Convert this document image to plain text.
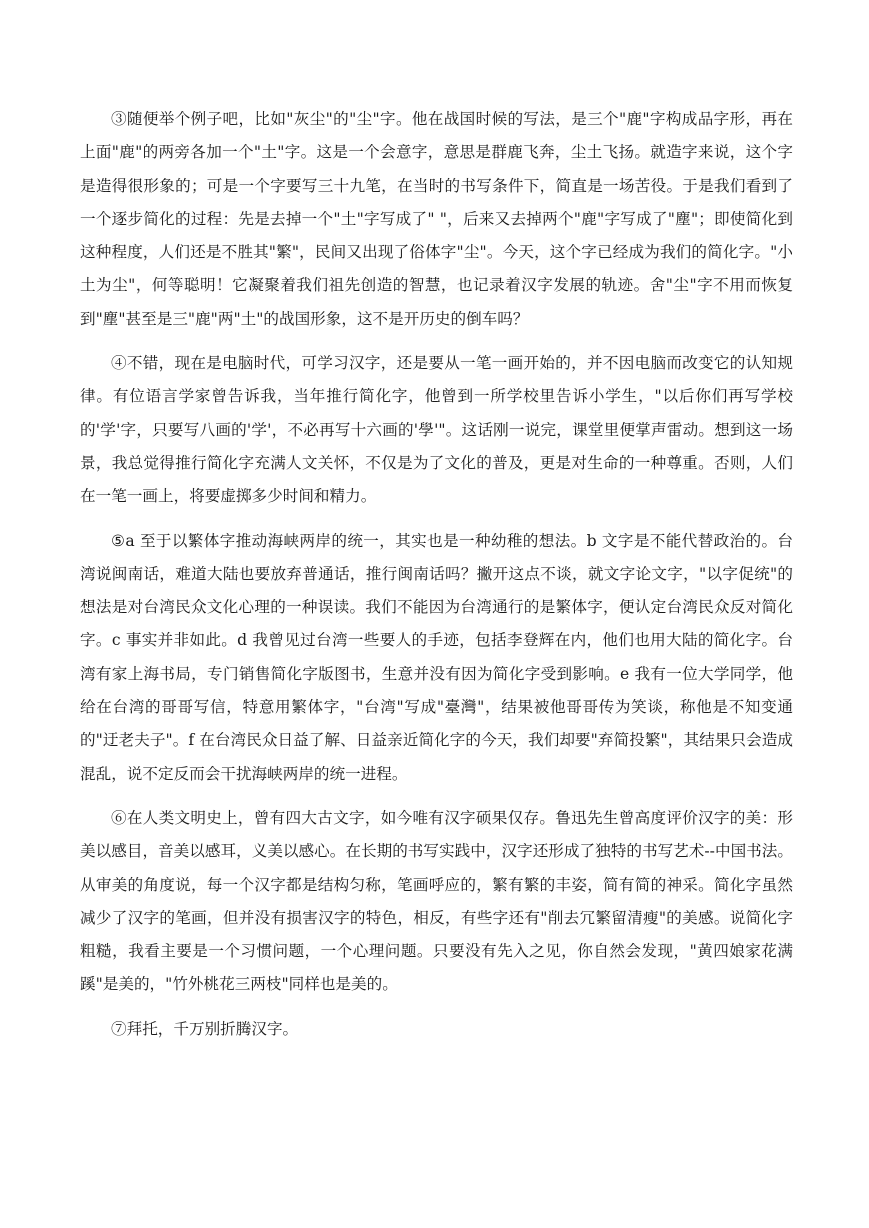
③随便举个例子吧，比如"灰尘"的"尘"字。他在战国时候的写法，是三个"鹿"字构成品字形，再在上面"鹿"的两旁各加一个"土"字。这是一个会意字，意思是群鹿飞奔，尘土飞扬。就造字来说，这个字是造得很形象的；可是一个字要写三十九笔，在当时的书写条件下，简直是一场苦役。于是我们看到了一个逐步简化的过程：先是去掉一个"土"字写成了" "，后来又去掉两个"鹿"字写成了"塵"；即使简化到这种程度，人们还是不胜其"繁"，民间又出现了俗体字"尘"。今天，这个字已经成为我们的简化字。"小土为尘"，何等聪明！它凝聚着我们祖先创造的智慧，也记录着汉字发展的轨迹。舍"尘"字不用而恢复到"塵"甚至是三"鹿"两"土"的战国形象，这不是开历史的倒车吗？

④不错，现在是电脑时代，可学习汉字，还是要从一笔一画开始的，并不因电脑而改变它的认知规律。有位语言学家曾告诉我，当年推行简化字，他曾到一所学校里告诉小学生，"以后你们再写学校的'学'字，只要写八画的'学'，不必再写十六画的'學'"。这话刚一说完，课堂里便掌声雷动。想到这一场景，我总觉得推行简化字充满人文关怀，不仅是为了文化的普及，更是对生命的一种尊重。否则，人们在一笔一画上，将要虚掷多少时间和精力。

⑤a 至于以繁体字推动海峡两岸的统一，其实也是一种幼稚的想法。b 文字是不能代替政治的。台湾说闽南话，难道大陆也要放弃普通话，推行闽南话吗？撇开这点不谈，就文字论文字，"以字促统"的想法是对台湾民众文化心理的一种误读。我们不能因为台湾通行的是繁体字，便认定台湾民众反对简化字。c 事实并非如此。d 我曾见过台湾一些要人的手迹，包括李登辉在内，他们也用大陆的简化字。台湾有家上海书局，专门销售简化字版图书，生意并没有因为简化字受到影响。e 我有一位大学同学，他给在台湾的哥哥写信，特意用繁体字，"台湾"写成"臺灣"，结果被他哥哥传为笑谈，称他是不知变通的"迂老夫子"。f 在台湾民众日益了解、日益亲近简化字的今天，我们却要"弃简投繁"，其结果只会造成混乱，说不定反而会干扰海峡两岸的统一进程。

⑥在人类文明史上，曾有四大古文字，如今唯有汉字硕果仅存。鲁迅先生曾高度评价汉字的美：形美以感目，音美以感耳，义美以感心。在长期的书写实践中，汉字还形成了独特的书写艺术--中国书法。从审美的角度说，每一个汉字都是结构匀称，笔画呼应的，繁有繁的丰姿，简有简的神采。简化字虽然减少了汉字的笔画，但并没有损害汉字的特色，相反，有些字还有"削去冗繁留清瘦"的美感。说简化字粗糙，我看主要是一个习惯问题，一个心理问题。只要没有先入之见，你自然会发现，"黄四娘家花满蹊"是美的，"竹外桃花三两枝"同样也是美的。

⑦拜托，千万别折腾汉字。
